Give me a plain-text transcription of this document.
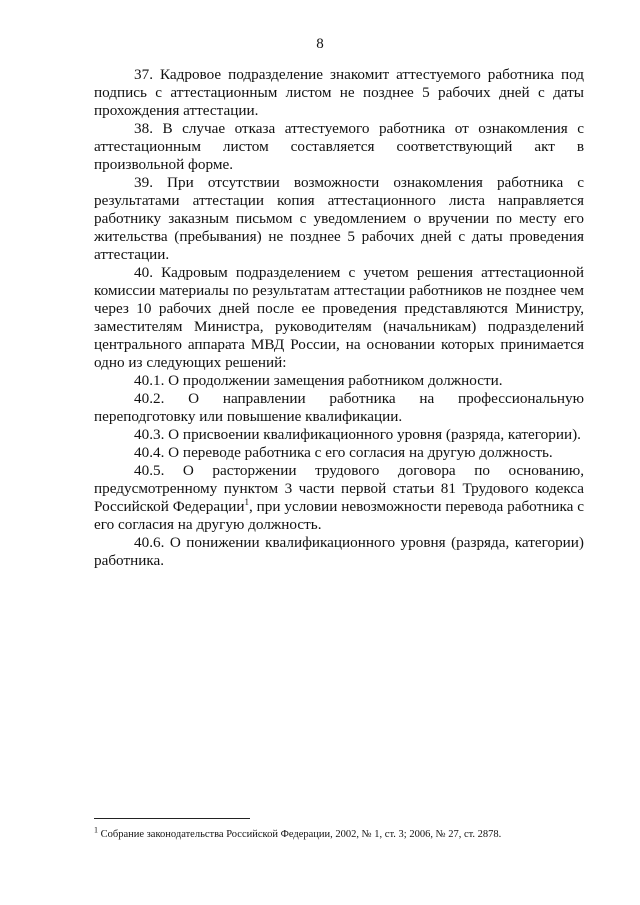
8

37. Кадровое подразделение знакомит аттестуемого работника под подпись с аттестационным листом не позднее 5 рабочих дней с даты прохождения аттестации.

38. В случае отказа аттестуемого работника от ознакомления с аттестационным листом составляется соответствующий акт в произвольной форме.

39. При отсутствии возможности ознакомления работника с результатами аттестации копия аттестационного листа направляется работнику заказным письмом с уведомлением о вручении по месту его жительства (пребывания) не позднее 5 рабочих дней с даты проведения аттестации.

40. Кадровым подразделением с учетом решения аттестационной комиссии материалы по результатам аттестации работников не позднее чем через 10 рабочих дней после ее проведения представляются Министру, заместителям Министра, руководителям (начальникам) подразделений центрального аппарата МВД России, на основании которых принимается одно из следующих решений:

40.1. О продолжении замещения работником должности.

40.2. О направлении работника на профессиональную переподготовку или повышение квалификации.

40.3. О присвоении квалификационного уровня (разряда, категории).

40.4. О переводе работника с его согласия на другую должность.

40.5. О расторжении трудового договора по основанию, предусмотренному пунктом 3 части первой статьи 81 Трудового кодекса Российской Федерации$^1$, при условии невозможности перевода работника с его согласия на другую должность.

40.6. О понижении квалификационного уровня (разряда, категории) работника.

$^1$ Собрание законодательства Российской Федерации, 2002, № 1, ст. 3; 2006, № 27, ст. 2878.
